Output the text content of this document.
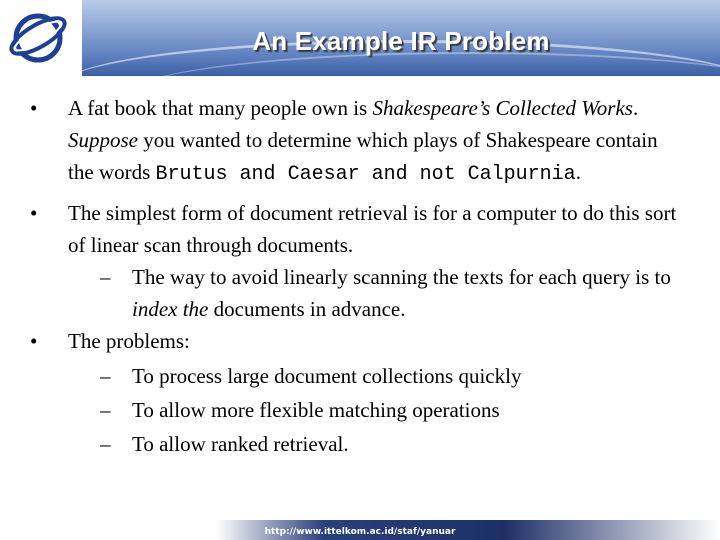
An Example IR Problem
• A fat book that many people own is Shakespeare’s Collected Works. Suppose you wanted to determine which plays of Shakespeare contain the words Brutus and Caesar and not Calpurnia.
• The simplest form of document retrieval is for a computer to do this sort of linear scan through documents.
– The way to avoid linearly scanning the texts for each query is to index the documents in advance.
• The problems:
– To process large document collections quickly
– To allow more flexible matching operations
– To allow ranked retrieval.
http://www.ittelkom.ac.id/staf/yanuar
